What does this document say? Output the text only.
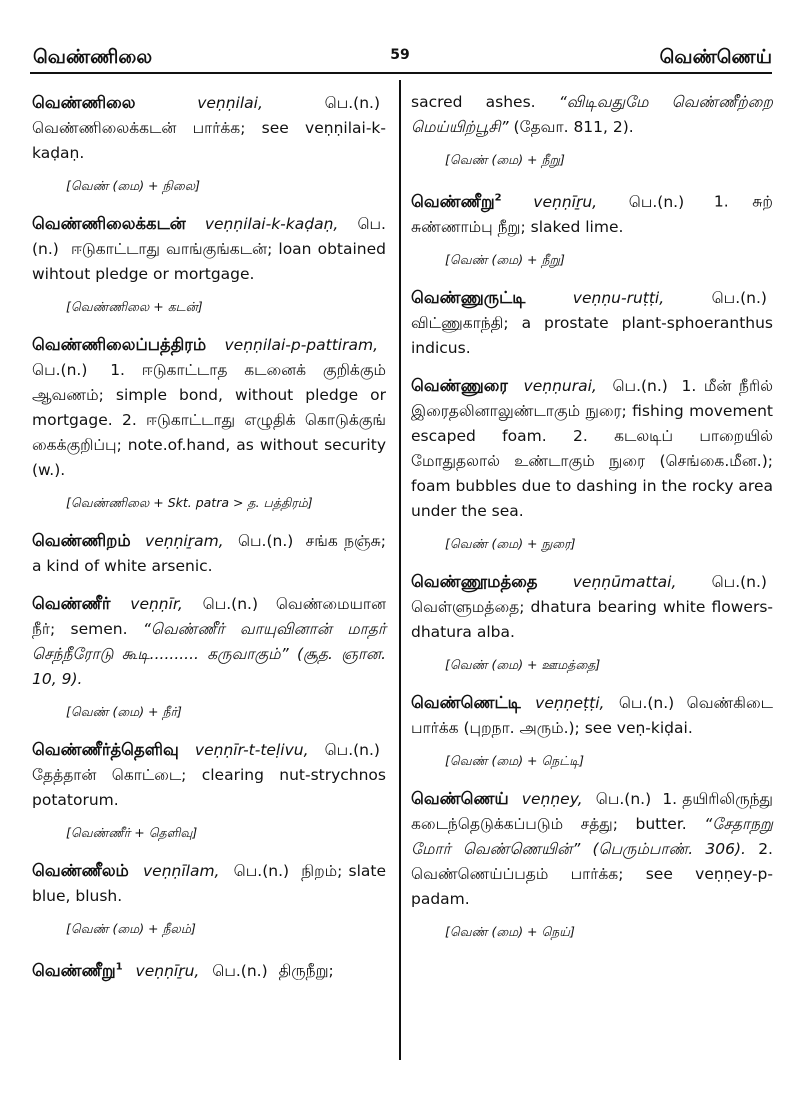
வெண்ணிலை	59	வெண்ணெய்
வெண்ணிலை	veṇṇilai,	பெ.(n.) வெண்ணிலைக்கடன் பார்க்க; see veṇṇilai-k-kaḍaṇ.
[வெண் (மை) + நிலை]
வெண்ணிலைக்கடன் veṇṇilai-k-kaḍaṇ, பெ.(n.) ஈடுகாட்டாது வாங்குங்கடன்; loan obtained wihtout pledge or mortgage.
[வெண்ணிலை + கடன்]
வெண்ணிலைப்பத்திரம் veṇṇilai-p-pattiram, பெ.(n.) 1. ஈடுகாட்டாத கடனைக் குறிக்கும் ஆவணம்; simple bond, without pledge or mortgage. 2. ஈடுகாட்டாது எழுதிக் கொடுக்குங் கைக்குறிப்பு; note.of.hand, as without security (w.).
[வெண்ணிலை + Skt. patra > த. பத்திரம்]
வெண்ணிறம் veṇṇiṟam, பெ.(n.) சங்க நஞ்சு; a kind of white arsenic.
வெண்ணீர் veṇṇīr, பெ.(n.) வெண்மையான நீர்; semen. “வெண்ணீர் வாயுவினான் மாதர் செந்நீரோடு கூடி.......... கருவாகும்” (சூத. ஞான. 10, 9).
[வெண் (மை) + நீர்]
வெண்ணீர்த்தெளிவு veṇṇīr-t-teḷivu, பெ.(n.) தேத்தான் கொட்டை; clearing nut-strychnos potatorum.
[வெண்ணீர் + தெளிவு]
வெண்ணீலம் veṇṇīlam, பெ.(n.) நிறம்; slate blue, blush.
[வெண் (மை) + நீலம்]
வெண்ணீறு$^1$ veṇṇīṟu, பெ.(n.) திருநீறு;
sacred ashes. “விடிவதுமே வெண்ணீற்றை மெய்யிற்பூசி” (தேவா. 811, 2).
[வெண் (மை) + நீறு]
வெண்ணீறு$^2$ veṇṇīṟu, பெ.(n.) 1. சுற் சுண்ணாம்பு நீறு; slaked lime.
[வெண் (மை) + நீறு]
வெண்ணுருட்டி	veṇṇu-ruṭṭi,	பெ.(n.) விட்ணுகாந்தி; a prostate plant-sphoeranthus indicus.
வெண்ணுரை veṇṇurai, பெ.(n.) 1. மீன் நீரில் இரைதலினாலுண்டாகும் நுரை; fishing movement escaped foam. 2. கடலடிப் பாறையில் மோதுதலால் உண்டாகும் நுரை (செங்கை.மீன.); foam bubbles due to dashing in the rocky area under the sea.
[வெண் (மை) + நுரை]
வெண்ணூமத்தை veṇṇūmattai, பெ.(n.) வெள்ளுமத்தை; dhatura bearing white flowers-dhatura alba.
[வெண் (மை) + ஊமத்தை]
வெண்ணெட்டி veṇṇeṭṭi, பெ.(n.) வெண்கிடை பார்க்க (புறநா. அரும்.); see veṇ-kiḍai.
[வெண் (மை) + நெட்டி]
வெண்ணெய் veṇṇey, பெ.(n.) 1. தயிரிலிருந்து கடைந்தெடுக்கப்படும் சத்து; butter. “சேதாநறு மோர் வெண்ணெயின்” (பெரும்பாண். 306). 2. வெண்ணெய்ப்பதம் பார்க்க; see veṇṇey-p-padam.
[வெண் (மை) + நெய்]
